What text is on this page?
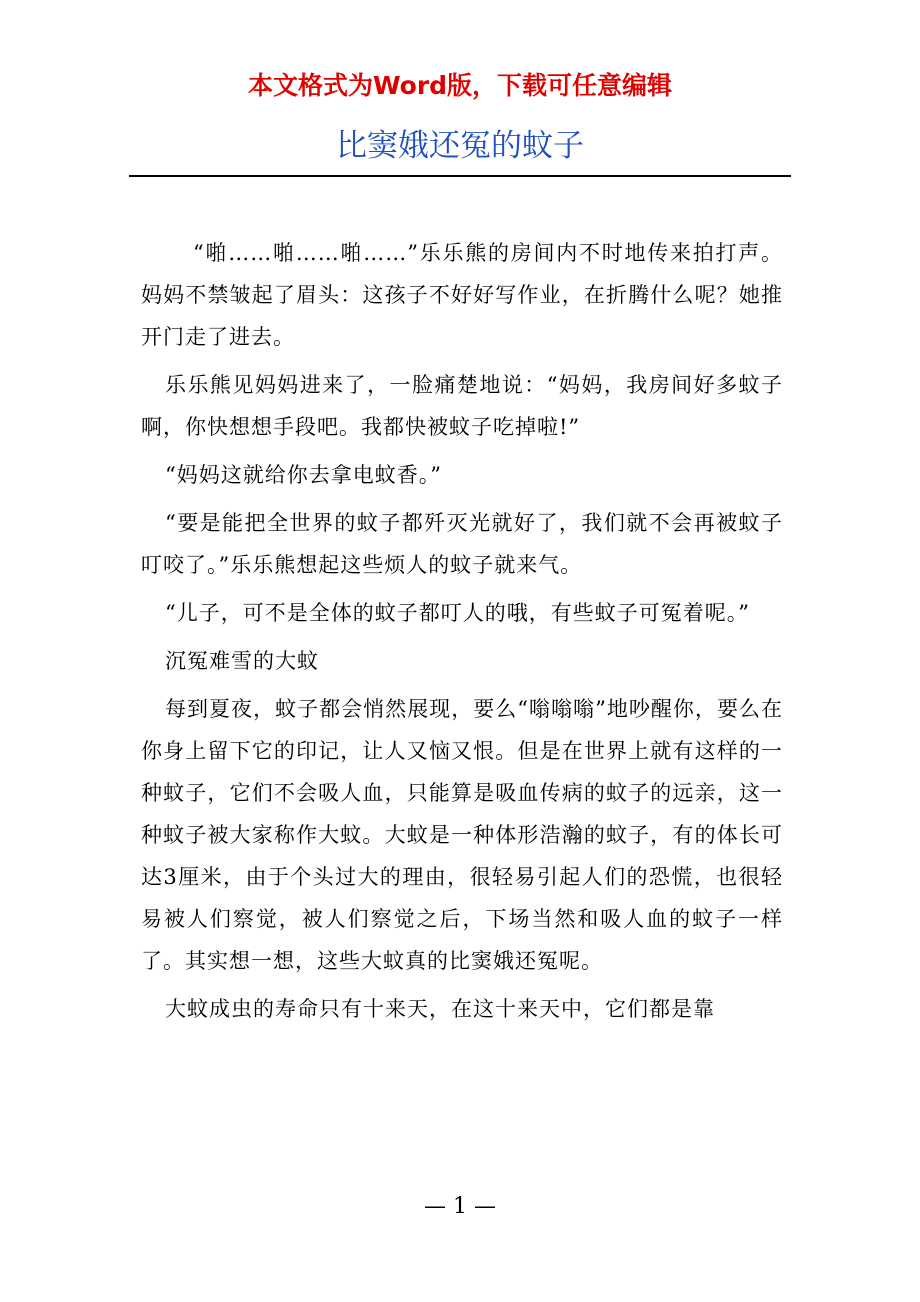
本文格式为Word版，下载可任意编辑
比窦娥还冤的蚊子

“啪……啪……啪……”乐乐熊的房间内不时地传来拍打声。妈妈不禁皱起了眉头：这孩子不好好写作业，在折腾什么呢？她推开门走了进去。

乐乐熊见妈妈进来了，一脸痛楚地说：“妈妈，我房间好多蚊子啊，你快想想手段吧。我都快被蚊子吃掉啦!”

“妈妈这就给你去拿电蚊香。”

“要是能把全世界的蚊子都歼灭光就好了，我们就不会再被蚊子叮咬了。”乐乐熊想起这些烦人的蚊子就来气。

“儿子，可不是全体的蚊子都叮人的哦，有些蚊子可冤着呢。”

沉冤难雪的大蚊

每到夏夜，蚊子都会悄然展现，要么“嗡嗡嗡”地吵醒你，要么在你身上留下它的印记，让人又恼又恨。但是在世界上就有这样的一种蚊子，它们不会吸人血，只能算是吸血传病的蚊子的远亲，这一种蚊子被大家称作大蚊。大蚊是一种体形浩瀚的蚊子，有的体长可达3厘米，由于个头过大的理由，很轻易引起人们的恐慌，也很轻易被人们察觉，被人们察觉之后，下场当然和吸人血的蚊子一样了。其实想一想，这些大蚊真的比窦娥还冤呢。

大蚊成虫的寿命只有十来天，在这十来天中，它们都是靠

— 1 —
